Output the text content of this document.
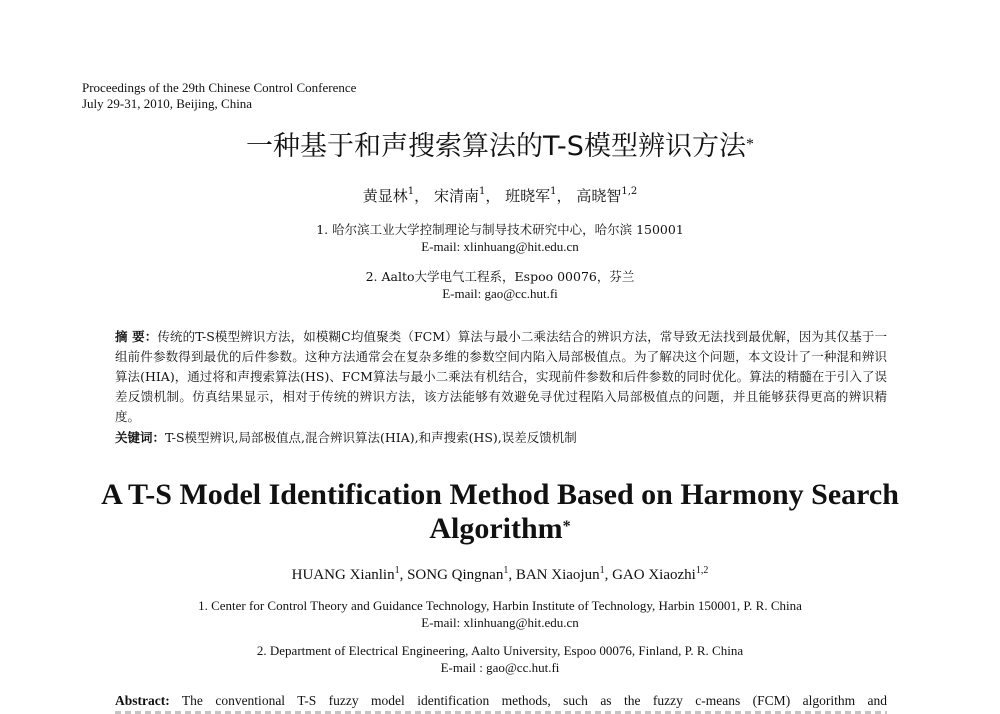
Proceedings of the 29th Chinese Control Conference
July 29-31, 2010, Beijing, China
一种基于和声搜索算法的T-S模型辨识方法*
黄显林$^1$， 宋清南$^1$， 班晓军$^1$， 高晓智$^{1,2}$
1. 哈尔滨工业大学控制理论与制导技术研究中心，哈尔滨 150001
E-mail: xlinhuang@hit.edu.cn
2. Aalto大学电气工程系，Espoo 00076，芬兰
E-mail: gao@cc.hut.fi
摘 要：传统的T-S模型辨识方法，如模糊C均值聚类（FCM）算法与最小二乘法结合的辨识方法，常导致无法找到最优解，因为其仅基于一组前件参数得到最优的后件参数。这种方法通常会在复杂多维的参数空间内陷入局部极值点。为了解决这个问题，本文设计了一种混和辨识算法(HIA)，通过将和声搜索算法(HS)、FCM算法与最小二乘法有机结合，实现前件参数和后件参数的同时优化。算法的精髓在于引入了误差反馈机制。仿真结果显示，相对于传统的辨识方法，该方法能够有效避免寻优过程陷入局部极值点的问题，并且能够获得更高的辨识精度。
关键词：T-S模型辨识,局部极值点,混合辨识算法(HIA),和声搜索(HS),误差反馈机制
A T-S Model Identification Method Based on Harmony Search
Algorithm*
HUANG Xianlin$^1$, SONG Qingnan$^1$, BAN Xiaojun$^1$, GAO Xiaozhi$^{1,2}$
1. Center for Control Theory and Guidance Technology, Harbin Institute of Technology, Harbin 150001, P. R. China
E-mail: xlinhuang@hit.edu.cn
2. Department of Electrical Engineering, Aalto University, Espoo 00076, Finland, P. R. China
E-mail : gao@cc.hut.fi
Abstract: The conventional T-S fuzzy model identification methods, such as the fuzzy c-means (FCM) algorithm and
